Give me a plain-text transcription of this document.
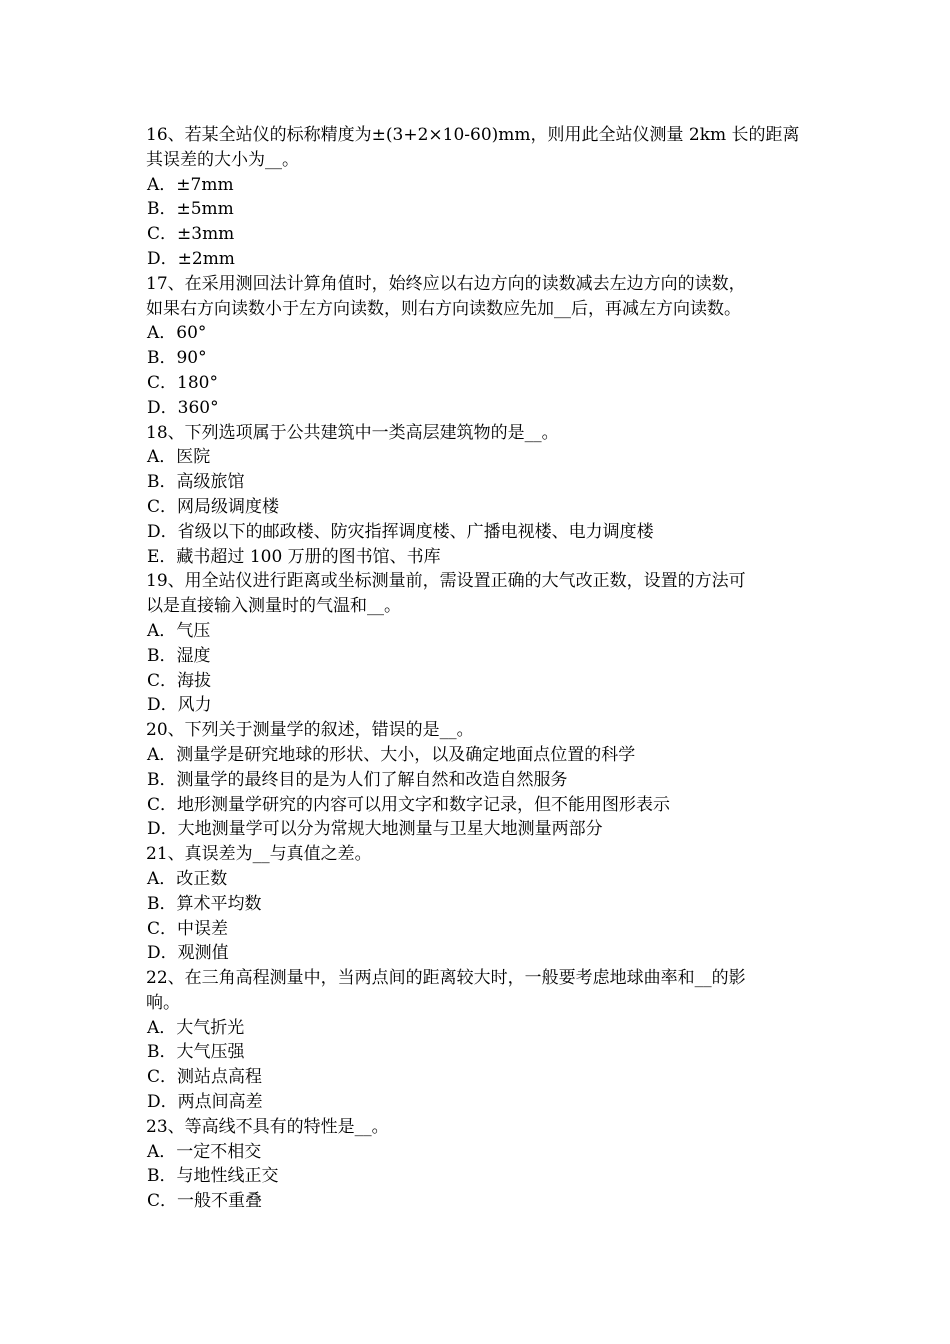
16、若某全站仪的标称精度为±(3+2×10-60)mm，则用此全站仪测量 2km 长的距离
其误差的大小为__。
A．±7mm
B．±5mm
C．±3mm
D．±2mm
17、在采用测回法计算角值时，始终应以右边方向的读数减去左边方向的读数，
如果右方向读数小于左方向读数，则右方向读数应先加__后，再减左方向读数。
A．60°
B．90°
C．180°
D．360°
18、下列选项属于公共建筑中一类高层建筑物的是__。
A．医院
B．高级旅馆
C．网局级调度楼
D．省级以下的邮政楼、防灾指挥调度楼、广播电视楼、电力调度楼
E．藏书超过 100 万册的图书馆、书库
19、用全站仪进行距离或坐标测量前，需设置正确的大气改正数，设置的方法可
以是直接输入测量时的气温和__。
A．气压
B．湿度
C．海拔
D．风力
20、下列关于测量学的叙述，错误的是__。
A．测量学是研究地球的形状、大小，以及确定地面点位置的科学
B．测量学的最终目的是为人们了解自然和改造自然服务
C．地形测量学研究的内容可以用文字和数字记录，但不能用图形表示
D．大地测量学可以分为常规大地测量与卫星大地测量两部分
21、真误差为__与真值之差。
A．改正数
B．算术平均数
C．中误差
D．观测值
22、在三角高程测量中，当两点间的距离较大时，一般要考虑地球曲率和__的影
响。
A．大气折光
B．大气压强
C．测站点高程
D．两点间高差
23、等高线不具有的特性是__。
A．一定不相交
B．与地性线正交
C．一般不重叠
